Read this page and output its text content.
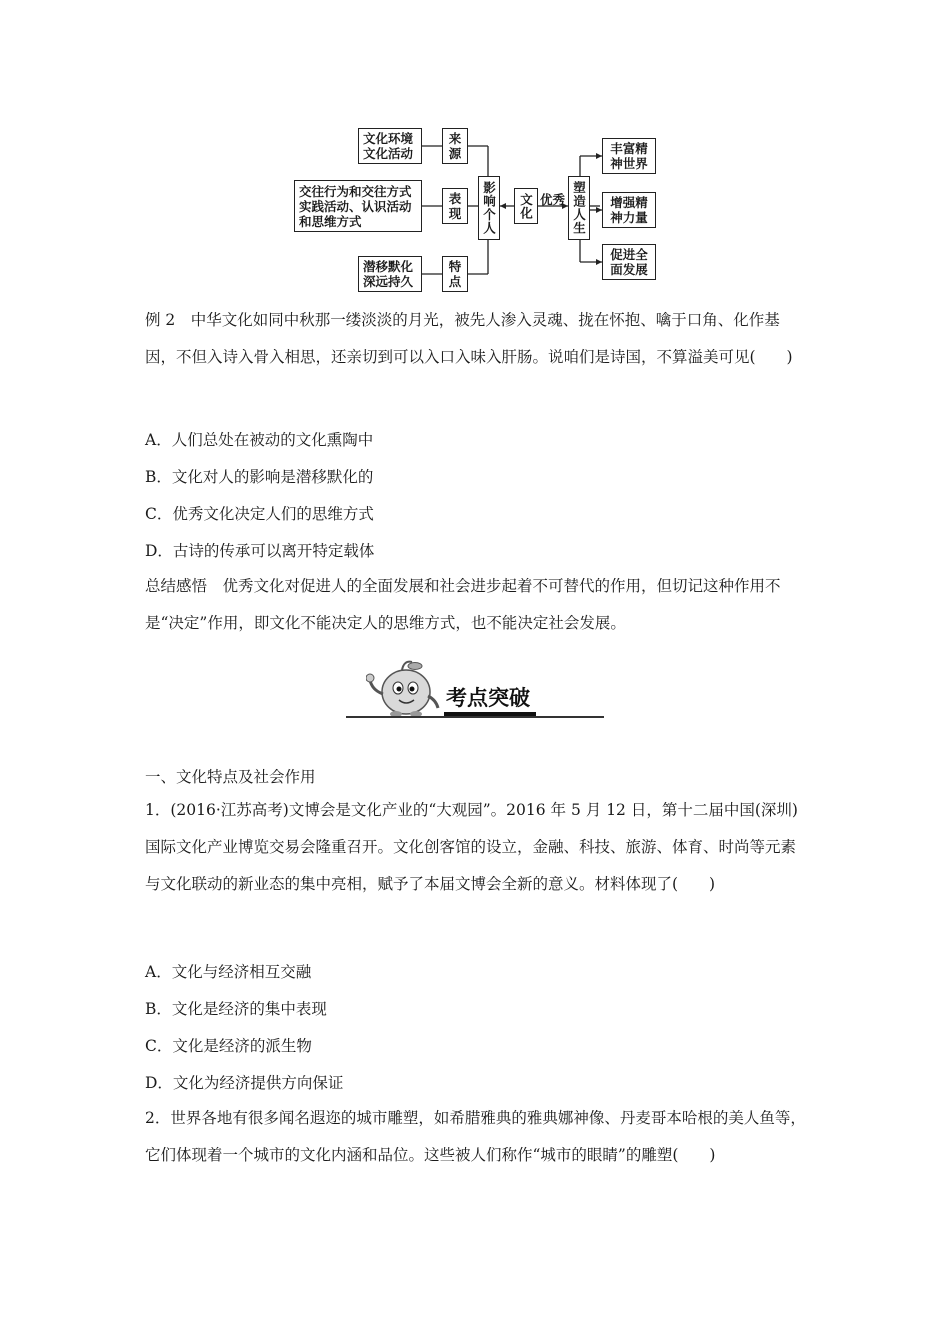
文化环境
文化活动
来
源
交往行为和交往方式
实践活动、认识活动
和思维方式
表
现
潜移默化
深远持久
特
点
影响个人	文化 优秀 塑造人生
丰富精
神世界
增强精
神力量
促进全
面发展
例 2　中华文化如同中秋那一缕淡淡的月光，被先人渗入灵魂、拢在怀抱、噙于口角、化作基因，不但入诗入骨入相思，还亲切到可以入口入味入肝肠。说咱们是诗国，不算溢美可见(　　)
A．人们总处在被动的文化熏陶中
B．文化对人的影响是潜移默化的
C．优秀文化决定人们的思维方式
D．古诗的传承可以离开特定载体
总结感悟　优秀文化对促进人的全面发展和社会进步起着不可替代的作用，但切记这种作用不是“决定”作用，即文化不能决定人的思维方式，也不能决定社会发展。
考点突破
一、文化特点及社会作用
1．(2016·江苏高考)文博会是文化产业的“大观园”。2016 年 5 月 12 日，第十二届中国(深圳)国际文化产业博览交易会隆重召开。文化创客馆的设立，金融、科技、旅游、体育、时尚等元素与文化联动的新业态的集中亮相，赋予了本届文博会全新的意义。材料体现了(　　)
A．文化与经济相互交融
B．文化是经济的集中表现
C．文化是经济的派生物
D．文化为经济提供方向保证
2．世界各地有很多闻名遐迩的城市雕塑，如希腊雅典的雅典娜神像、丹麦哥本哈根的美人鱼等，它们体现着一个城市的文化内涵和品位。这些被人们称作“城市的眼睛”的雕塑(　　)
